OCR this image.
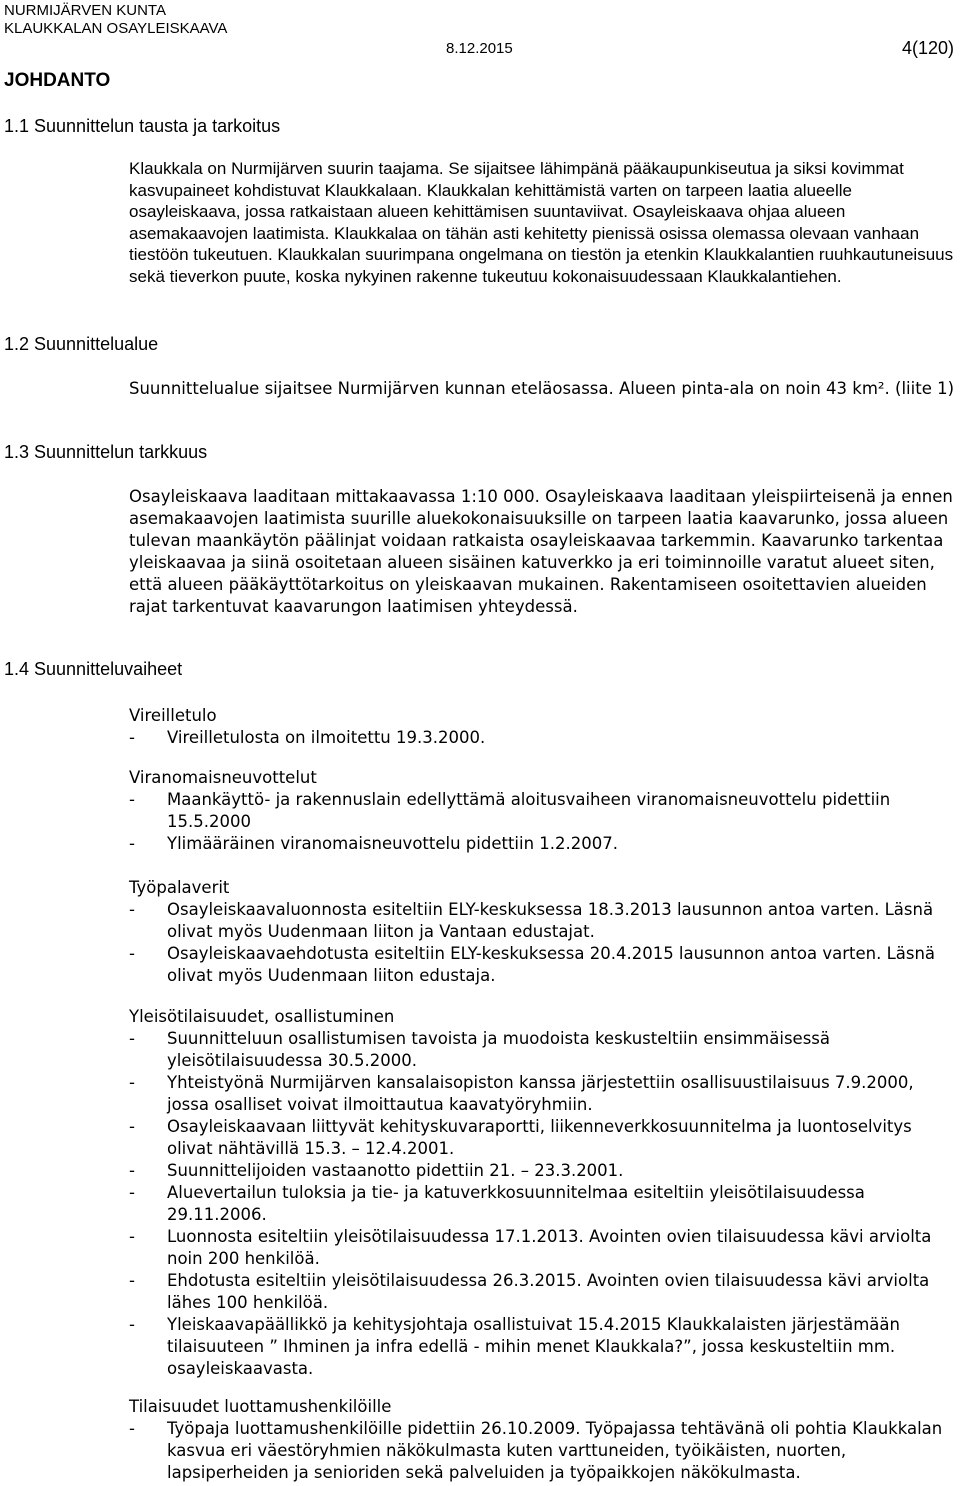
NURMIJÄRVEN KUNTA
KLAUKKALAN OSAYLEISKAAVA
8.12.2015	4(120)
JOHDANTO
1.1 Suunnittelun tausta ja tarkoitus
1.2 Suunnittelualue
1.3 Suunnittelun tarkkuus
1.4 Suunnitteluvaiheet

Klaukkala on Nurmijärven suurin taajama. Se sijaitsee lähimpänä pääkaupunkiseutua ja siksi kovimmat kasvupaineet kohdistuvat Klaukkalaan. Klaukkalan kehittämistä varten on tarpeen laatia alueelle osayleiskaava, jossa ratkaistaan alueen kehittämisen suuntaviivat. Osayleiskaava ohjaa alueen asemakaavojen laatimista. Klaukkalaa on tähän asti kehitetty pienissä osissa olemassa olevaan vanhaan tiestöön tukeutuen. Klaukkalan suurimpana ongelmana on tiestön ja etenkin Klaukkalantien ruuhkautuneisuus sekä tieverkon puute, koska nykyinen rakenne tukeutuu kokonaisuudessaan Klaukkalantiehen.

Suunnittelualue sijaitsee Nurmijärven kunnan eteläosassa. Alueen pinta-ala on noin 43 km². (liite 1)

Osayleiskaava laaditaan mittakaavassa 1:10 000. Osayleiskaava laaditaan yleispiirteisenä ja ennen asemakaavojen laatimista suurille aluekokonaisuuksille on tarpeen laatia kaavarunko, jossa alueen tulevan maankäytön päälinjat voidaan ratkaista osayleiskaavaa tarkemmin. Kaavarunko tarkentaa yleiskaavaa ja siinä osoitetaan alueen sisäinen katuverkko ja eri toiminnoille varatut alueet siten, että alueen pääkäyttötarkoitus on yleiskaavan mukainen. Rakentamiseen osoitettavien alueiden rajat tarkentuvat kaavarungon laatimisen yhteydessä.

Vireilletulo
- Vireilletulosta on ilmoitettu 19.3.2000.
Viranomaisneuvottelut
- Maankäyttö- ja rakennuslain edellyttämä aloitusvaiheen viranomaisneuvottelu pidettiin 15.5.2000
- Ylimääräinen viranomaisneuvottelu pidettiin 1.2.2007.
Työpalaverit
- Osayleiskaavaluonnosta esiteltiin ELY-keskuksessa 18.3.2013 lausunnon antoa varten. Läsnä olivat myös Uudenmaan liiton ja Vantaan edustajat.
- Osayleiskaavaehdotusta esiteltiin ELY-keskuksessa 20.4.2015 lausunnon antoa varten. Läsnä olivat myös Uudenmaan liiton edustaja.
Yleisötilaisuudet, osallistuminen
- Suunnitteluun osallistumisen tavoista ja muodoista keskusteltiin ensimmäisessä yleisötilaisuudessa 30.5.2000.
- Yhteistyönä Nurmijärven kansalaisopiston kanssa järjestettiin osallisuustilaisuus 7.9.2000, jossa osalliset voivat ilmoittautua kaavatyöryhmiin.
- Osayleiskaavaan liittyvät kehityskuvaraportti, liikenneverkkosuunnitelma ja luontoselvitys olivat nähtävillä 15.3. – 12.4.2001.
- Suunnittelijoiden vastaanotto pidettiin 21. – 23.3.2001.
- Aluevertailun tuloksia ja tie- ja katuverkkosuunnitelmaa esiteltiin yleisötilaisuudessa 29.11.2006.
- Luonnosta esiteltiin yleisötilaisuudessa 17.1.2013. Avointen ovien tilaisuudessa kävi arviolta noin 200 henkilöä.
- Ehdotusta esiteltiin yleisötilaisuudessa 26.3.2015. Avointen ovien tilaisuudessa kävi arviolta lähes 100 henkilöä.
- Yleiskaavapäällikkö ja kehitysjohtaja osallistuivat 15.4.2015 Klaukkalaisten järjestämään tilaisuuteen ” Ihminen ja infra edellä - mihin menet Klaukkala?”, jossa keskusteltiin mm. osayleiskaavasta.
Tilaisuudet luottamushenkilöille
- Työpaja luottamushenkilöille pidettiin 26.10.2009. Työpajassa tehtävänä oli pohtia Klaukkalan kasvua eri väestöryhmien näkökulmasta kuten varttuneiden, työikäisten, nuorten, lapsiperheiden ja senioriden sekä palveluiden ja työpaikkojen näkökulmasta.
